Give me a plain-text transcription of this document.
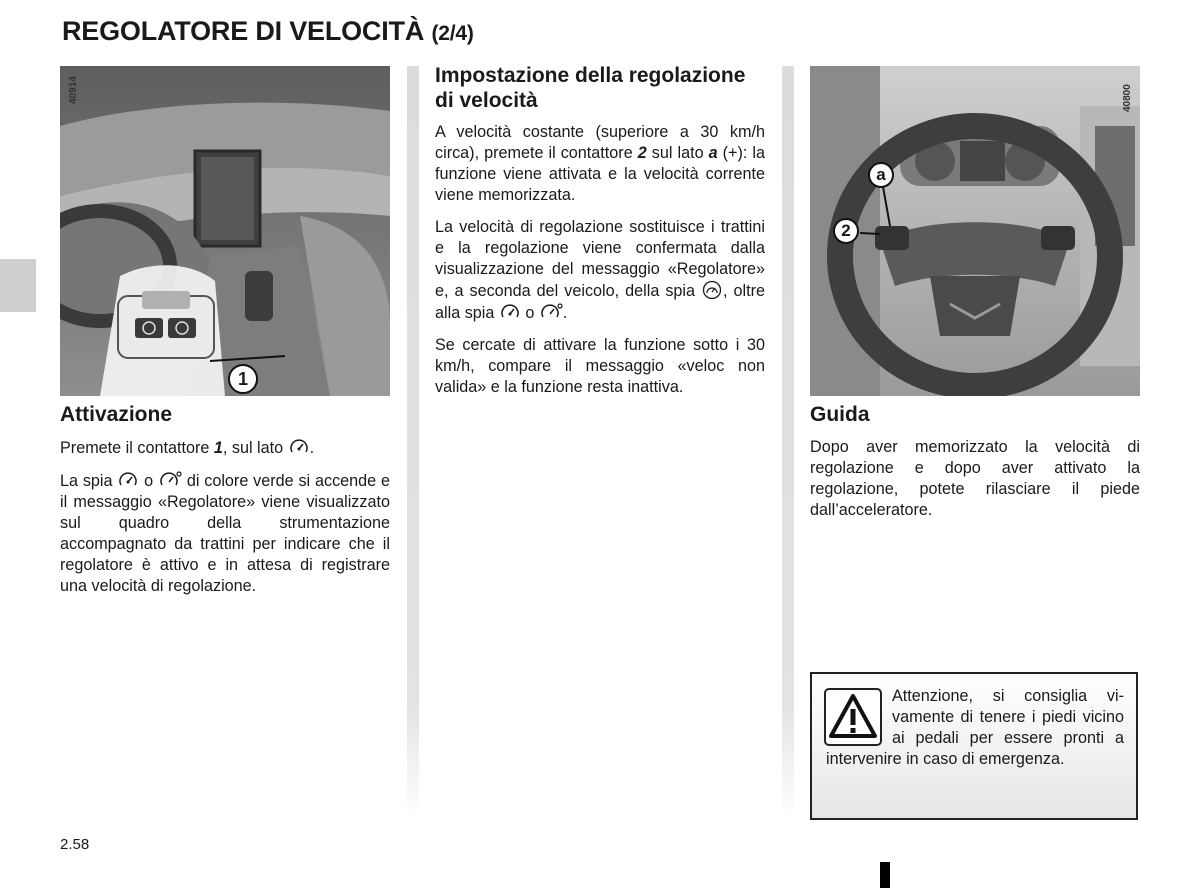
REGOLATORE DI VELOCITÀ (2/4)
40914
1
40800
a
2
Attivazione

Premete il contattore 1, sul lato .

La spia  o  di colore verde si accende e il messaggio «Regolatore» viene visualizzato sul quadro della strumentazione accompagnato da trattini per indicare che il regolatore è attivo e in attesa di registrare una velocità di regolazione.

Impostazione della regolazione di velocità

A velocità costante (superiore a 30 km/h circa), premete il contattore 2 sul lato a (+): la funzione viene attivata e la velocità corrente viene memorizzata.

La velocità di regolazione sostituisce i trattini e la regolazione viene confermata dalla visualizzazione del messaggio «Regolatore» e, a seconda del veicolo, della spia , oltre alla spia  o .

Se cercate di attivare la funzione sotto i 30 km/h, compare il messaggio «veloc non valida» e la funzione resta inattiva.

Guida

Dopo aver memorizzato la velocità di regolazione e dopo aver attivato la regolazione, potete rilasciare il piede dall’acceleratore.

Attenzione, si consiglia vivamente di tenere i piedi vicino ai pedali per essere pronti a intervenire in caso di emergenza.
2.58
